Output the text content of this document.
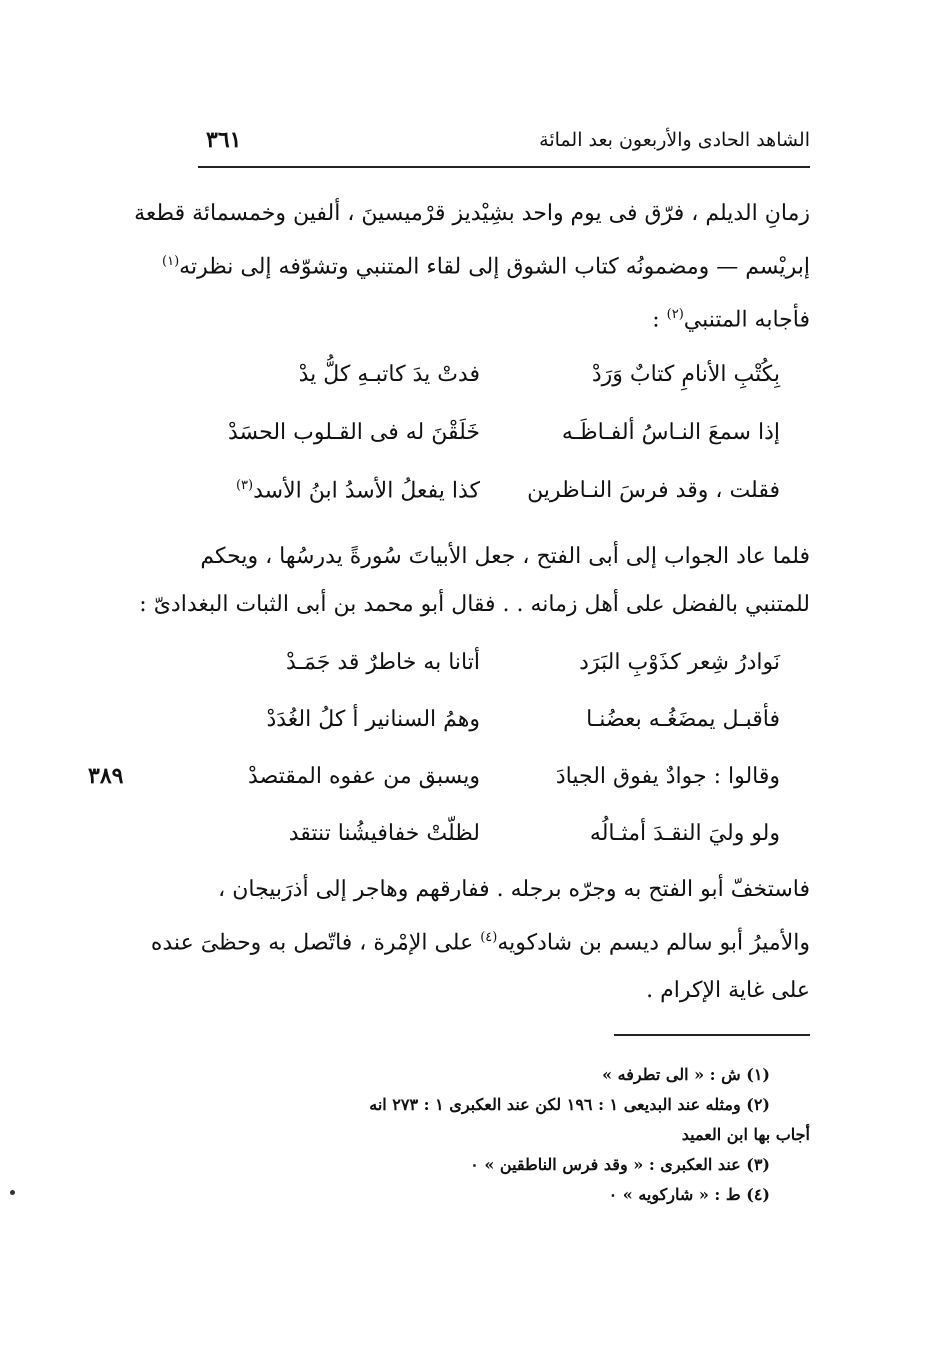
الشاهد الحادى والأربعون بعد المائة
٣٦١
زمانِ الديلم ، فرّق فى يوم واحد بشِيْديز قرْميسينَ ، ألفين وخمسمائة قطعة
إبريْسم — ومضمونُه كتاب الشوق إلى لقاء المتنبي وتشوّفه إلى نظرته$^{(١)}$
فأجابه المتنبي$^{(٢)}$ :
بِكُتْبِ الأنامِ كتابٌ وَرَدْ
فدتْ يدَ كاتبـهِ كلُّ يدْ
إذا سمعَ النـاسُ ألفـاظَـه
خَلَقْنَ له فى القـلوب الحسَدْ
فقلت ، وقد فرسَ النـاظرين
كذا يفعلُ الأسدُ ابنُ الأسد$^{(٣)}$
فلما عاد الجواب إلى أبى الفتح ، جعل الأبياتَ سُورةً يدرسُها ، ويحكم
للمتنبي بالفضل على أهل زمانه . . فقال أبو محمد بن أبى الثبات البغدادىّ :
نَوادرُ شِعر كذَوْبِ البَرَد
أتانا به خاطرٌ قد جَمَـدْ
فأقبـل يمضَغُـه بعضُنـا
وهمُ السنانير أ كلُ الغُدَدْ
وقالوا : جوادٌ يفوق الجيادَ
ويسبق من عفوه المقتصدْ
ولو وليَ النقـدَ أمثـالُه
لظلّتْ خفافيشُنا تنتقد
٣٨٩
فاستخفّ أبو الفتح به وجرّه برجله . ففارقهم وهاجر إلى أذرَبيجان ،
والأميرُ أبو سالم ديسم بن شادكويه$^{(٤)}$ على الإمْرة ، فاتّصل به وحظىَ عنده
على غاية الإكرام .
(١) ش : « الى تطرفه »
(٢) ومثله عند البديعى ١ : ١٩٦ لكن عند العكبرى ١ : ٢٧٣ انه
أجاب بها ابن العميد
(٣) عند العكبرى : « وقد فرس الناطقين » ٠
(٤) ط : « شاركويه » ٠
